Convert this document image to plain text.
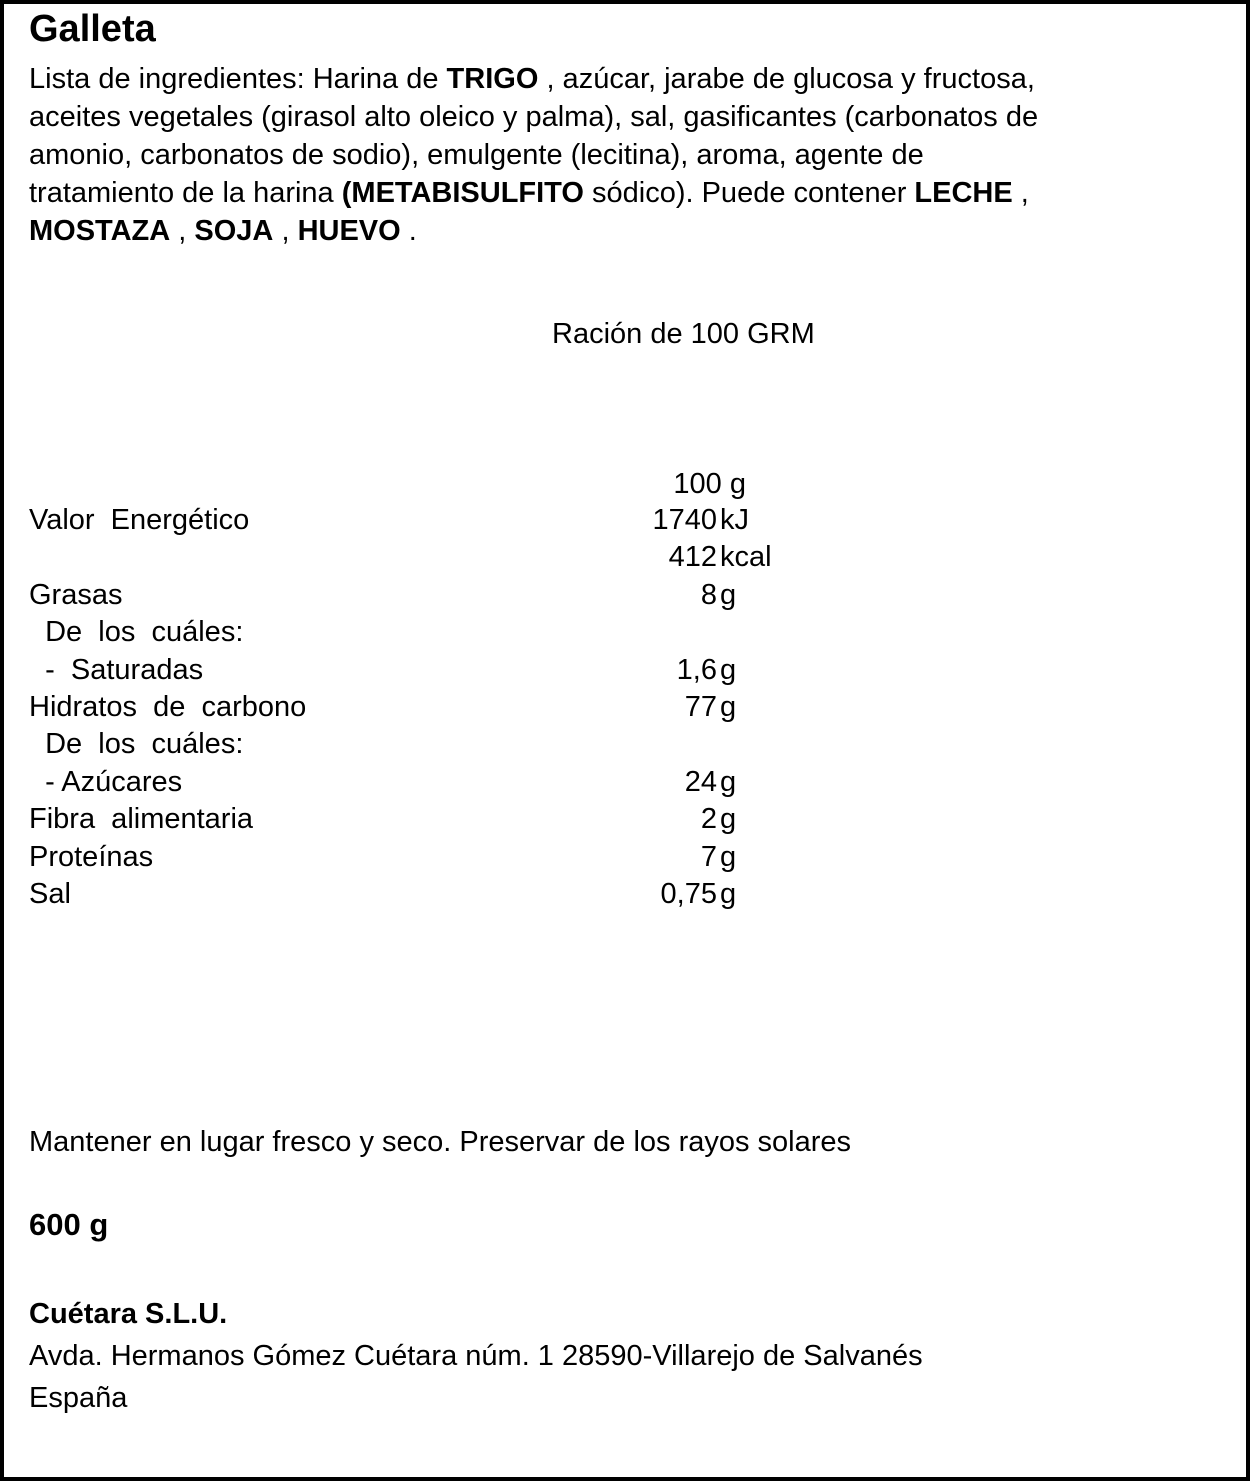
Galleta
Lista de ingredientes: Harina de TRIGO , azúcar, jarabe de glucosa y fructosa,
aceites vegetales (girasol alto oleico y palma), sal, gasificantes (carbonatos de
amonio, carbonatos de sodio), emulgente (lecitina), aroma, agente de
tratamiento de la harina (METABISULFITO sódico). Puede contener LECHE ,
MOSTAZA , SOJA , HUEVO .
Ración de 100 GRM
100 g
Valor  Energético	1740 kJ
412 kcal
Grasas	8 g
De  los  cuáles:
-  Saturadas	1,6 g
Hidratos  de  carbono	77 g
De  los  cuáles:
- Azúcares	24 g
Fibra  alimentaria	2 g
Proteínas	7 g
Sal	0,75 g
Mantener en lugar fresco y seco. Preservar de los rayos solares
600 g
Cuétara S.L.U.
Avda. Hermanos Gómez Cuétara núm. 1 28590-Villarejo de Salvanés
España
